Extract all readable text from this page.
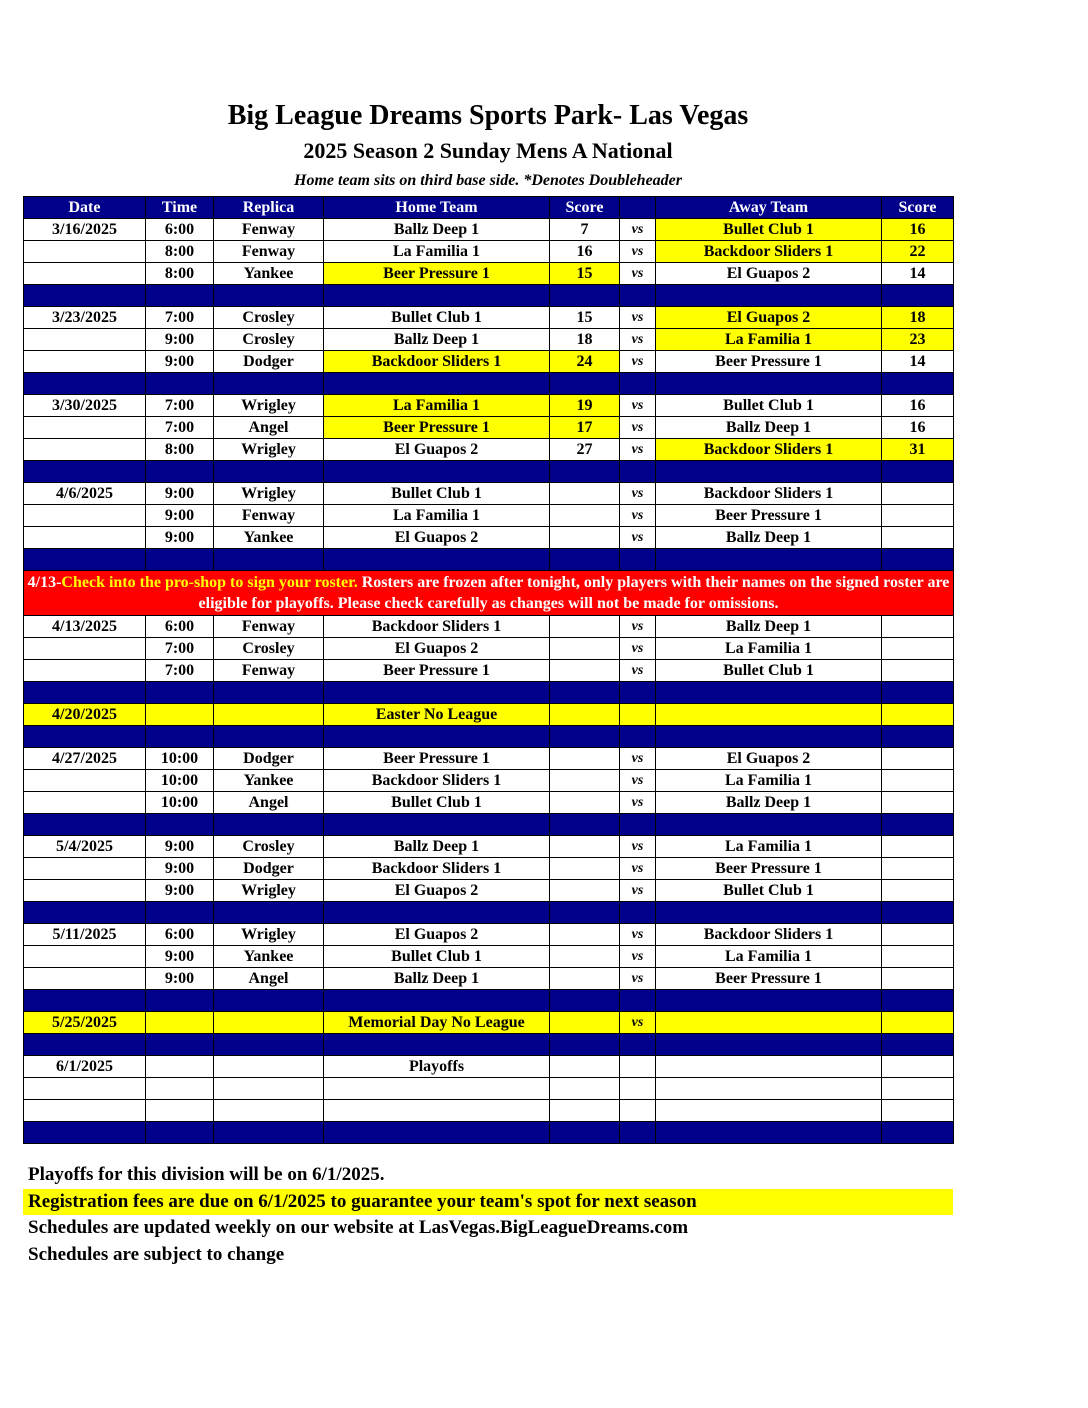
Big League Dreams Sports Park- Las Vegas
2025 Season 2 Sunday Mens A National
Home team sits on third base side. *Denotes Doubleheader
Date	Time	Replica	Home Team	Score		Away Team	Score
3/16/2025	6:00	Fenway	Ballz Deep 1	7	vs	Bullet Club 1	16
	8:00	Fenway	La Familia 1	16	vs	Backdoor Sliders 1	22
	8:00	Yankee	Beer Pressure 1	15	vs	El Guapos 2	14

3/23/2025	7:00	Crosley	Bullet Club 1	15	vs	El Guapos 2	18
	9:00	Crosley	Ballz Deep 1	18	vs	La Familia 1	23
	9:00	Dodger	Backdoor Sliders 1	24	vs	Beer Pressure 1	14

3/30/2025	7:00	Wrigley	La Familia 1	19	vs	Bullet Club 1	16
	7:00	Angel	Beer Pressure 1	17	vs	Ballz Deep 1	16
	8:00	Wrigley	El Guapos 2	27	vs	Backdoor Sliders 1	31

4/6/2025	9:00	Wrigley	Bullet Club 1		vs	Backdoor Sliders 1	
	9:00	Fenway	La Familia 1		vs	Beer Pressure 1	
	9:00	Yankee	El Guapos 2		vs	Ballz Deep 1	

4/13-Check into the pro-shop to sign your roster. Rosters are frozen after tonight, only players with their names on the signed roster are eligible for playoffs. Please check carefully as changes will not be made for omissions.							
4/13/2025	6:00	Fenway	Backdoor Sliders 1		vs	Ballz Deep 1	
	7:00	Crosley	El Guapos 2		vs	La Familia 1	
	7:00	Fenway	Beer Pressure 1		vs	Bullet Club 1	

4/20/2025			Easter No League				

4/27/2025	10:00	Dodger	Beer Pressure 1		vs	El Guapos 2	
	10:00	Yankee	Backdoor Sliders 1		vs	La Familia 1	
	10:00	Angel	Bullet Club 1		vs	Ballz Deep 1	

5/4/2025	9:00	Crosley	Ballz Deep 1		vs	La Familia 1	
	9:00	Dodger	Backdoor Sliders 1		vs	Beer Pressure 1	
	9:00	Wrigley	El Guapos 2		vs	Bullet Club 1	

5/11/2025	6:00	Wrigley	El Guapos 2		vs	Backdoor Sliders 1	
	9:00	Yankee	Bullet Club 1		vs	La Familia 1	
	9:00	Angel	Ballz Deep 1		vs	Beer Pressure 1	

5/25/2025			Memorial Day No League		vs		

6/1/2025			Playoffs				

Playoffs for this division will be on 6/1/2025.
Registration fees are due on 6/1/2025 to guarantee your team's spot for next season
Schedules are updated weekly on our website at LasVegas.BigLeagueDreams.com
Schedules are subject to change
